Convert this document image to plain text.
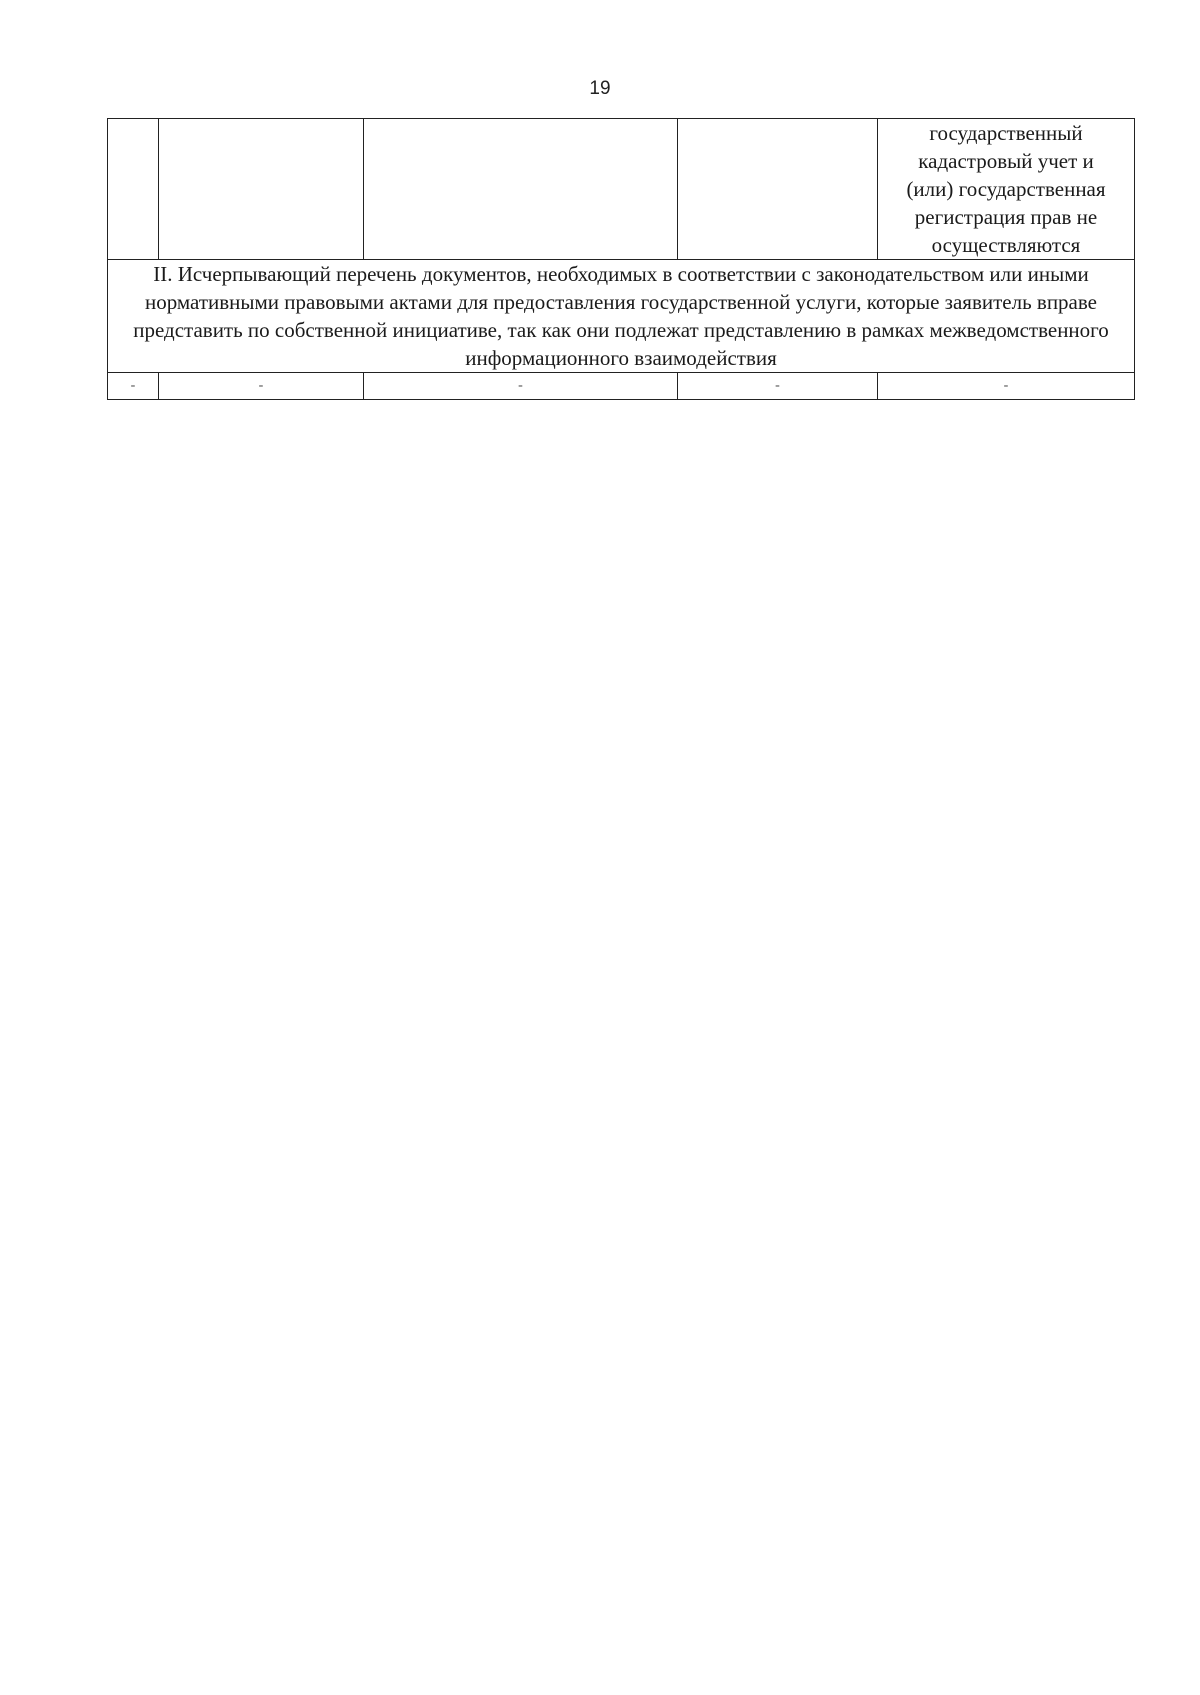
19
				государственный
кадастровый учет и
(или) государственная
регистрация прав не
осуществляются
II. Исчерпывающий перечень документов, необходимых в соответствии с законодательством или иными нормативными правовыми актами для предоставления государственной услуги, которые заявитель вправе представить по собственной инициативе, так как они подлежат представлению в рамках межведомственного информационного взаимодействия				
-	-	-	-	-
